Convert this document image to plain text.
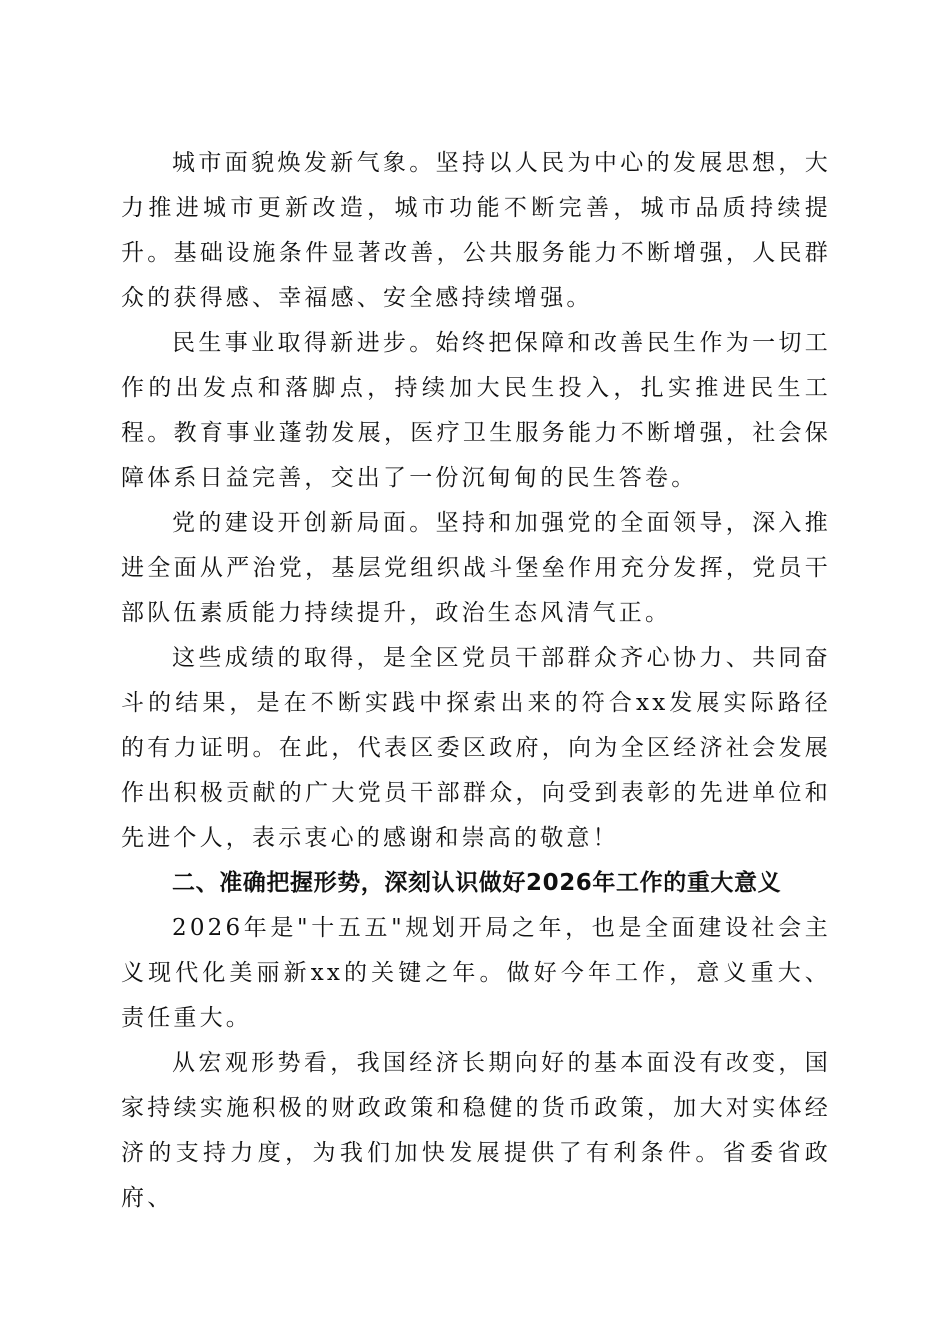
城市面貌焕发新气象。坚持以人民为中心的发展思想，大力推进城市更新改造，城市功能不断完善，城市品质持续提升。基础设施条件显著改善，公共服务能力不断增强，人民群众的获得感、幸福感、安全感持续增强。

民生事业取得新进步。始终把保障和改善民生作为一切工作的出发点和落脚点，持续加大民生投入，扎实推进民生工程。教育事业蓬勃发展，医疗卫生服务能力不断增强，社会保障体系日益完善，交出了一份沉甸甸的民生答卷。

党的建设开创新局面。坚持和加强党的全面领导，深入推进全面从严治党，基层党组织战斗堡垒作用充分发挥，党员干部队伍素质能力持续提升，政治生态风清气正。

这些成绩的取得，是全区党员干部群众齐心协力、共同奋斗的结果，是在不断实践中探索出来的符合xx发展实际路径的有力证明。在此，代表区委区政府，向为全区经济社会发展作出积极贡献的广大党员干部群众，向受到表彰的先进单位和先进个人，表示衷心的感谢和崇高的敬意！

二、准确把握形势，深刻认识做好2026年工作的重大意义

2026年是"十五五"规划开局之年，也是全面建设社会主义现代化美丽新xx的关键之年。做好今年工作，意义重大、责任重大。

从宏观形势看，我国经济长期向好的基本面没有改变，国家持续实施积极的财政政策和稳健的货币政策，加大对实体经济的支持力度，为我们加快发展提供了有利条件。省委省政府、
